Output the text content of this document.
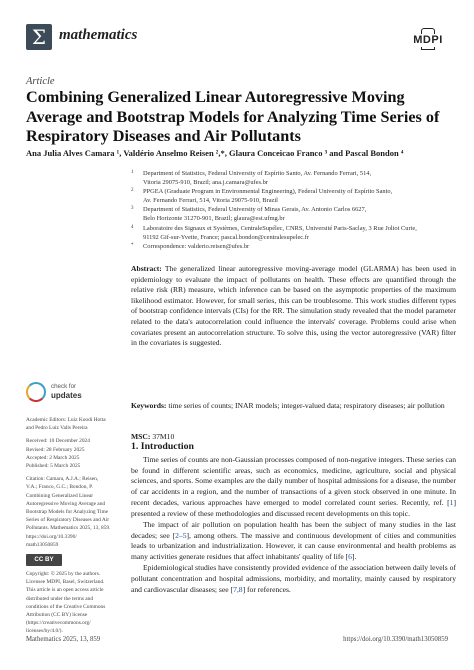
Σ mathematics	MDPI
Article
Combining Generalized Linear Autoregressive Moving Average and Bootstrap Models for Analyzing Time Series of Respiratory Diseases and Air Pollutants
Ana Julia Alves Camara ¹, Valdério Anselmo Reisen ²,*, Glaura Conceicao Franco ³ and Pascal Bondon ⁴
1 Department of Statistics, Federal University of Espírito Santo, Av. Fernando Ferrari, 514,
Vitoria 29075-910, Brazil; ana.j.camara@ufes.br
2 PPGEA (Graduate Program in Environmental Engineering), Federal University of Espírito Santo,
Av. Fernando Ferrari, 514, Vitoria 29075-910, Brazil
3 Department of Statistics, Federal University of Minas Gerais, Av. Antonio Carlos 6627,
Belo Horizonte 31270-901, Brazil; glaura@est.ufmg.br
4 Laboratoire des Signaux et Systèmes, CentraleSupélec, CNRS, Université Paris-Saclay, 3 Rue Joliot Curie,
91192 Gif-sur-Yvette, France; pascal.bondon@centralesupelec.fr
* Correspondence: valderio.reisen@ufes.br
Abstract: The generalized linear autoregressive moving-average model (GLARMA) has been used in epidemiology to evaluate the impact of pollutants on health. These effects are quantified through the relative risk (RR) measure, which inference can be based on the asymptotic properties of the maximum likelihood estimator. However, for small series, this can be troublesome. This work studies different types of bootstrap confidence intervals (CIs) for the RR. The simulation study revealed that the model parameter related to the data's autocorrelation could influence the intervals' coverage. Problems could arise when covariates present an autocorrelation structure. To solve this, using the vector autoregressive (VAR) filter in the covariates is suggested.
Keywords: time series of counts; INAR models; integer-valued data; respiratory diseases; air pollution
MSC: 37M10
check for
updates
Academic Editors: Luiz Koodi Hotta
and Pedro Luiz Valls Pereira
Received: 10 December 2024
Revised: 28 February 2025
Accepted: 2 March 2025
Published: 5 March 2025
Citation: Camara, A.J.A.; Reisen,
V.A.; Franco, G.C.; Bondon, P.
Combining Generalized Linear
Autoregressive Moving Average and
Bootstrap Models for Analyzing Time
Series of Respiratory Diseases and Air
Pollutants. Mathematics 2025, 13, 859.
https://doi.org/10.3390/
math13050859
CC BY
Copyright: © 2025 by the authors.
Licensee MDPI, Basel, Switzerland.
This article is an open access article
distributed under the terms and
conditions of the Creative Commons
Attribution (CC BY) license
(https://creativecommons.org/
licenses/by/4.0/).
1. Introduction

Time series of counts are non-Gaussian processes composed of non-negative integers. These series can be found in different scientific areas, such as economics, medicine, agriculture, social and physical sciences, and sports. Some examples are the daily number of hospital admissions for a disease, the number of car accidents in a region, and the number of transactions of a given stock observed in one minute. In recent decades, various approaches have emerged to model correlated count series. Recently, ref. [1] presented a review of these methodologies and discussed recent developments on this topic.

The impact of air pollution on population health has been the subject of many studies in the last decades; see [2–5], among others. The massive and continuous development of cities and communities leads to urbanization and industrialization. However, it can cause environmental and health problems as many activities generate residues that affect inhabitants' quality of life [6].

Epidemiological studies have consistently provided evidence of the association between daily levels of pollutant concentration and hospital admissions, morbidity, and mortality, mainly caused by respiratory and cardiovascular diseases; see [7,8] for references.

Mathematics 2025, 13, 859	https://doi.org/10.3390/math13050859
